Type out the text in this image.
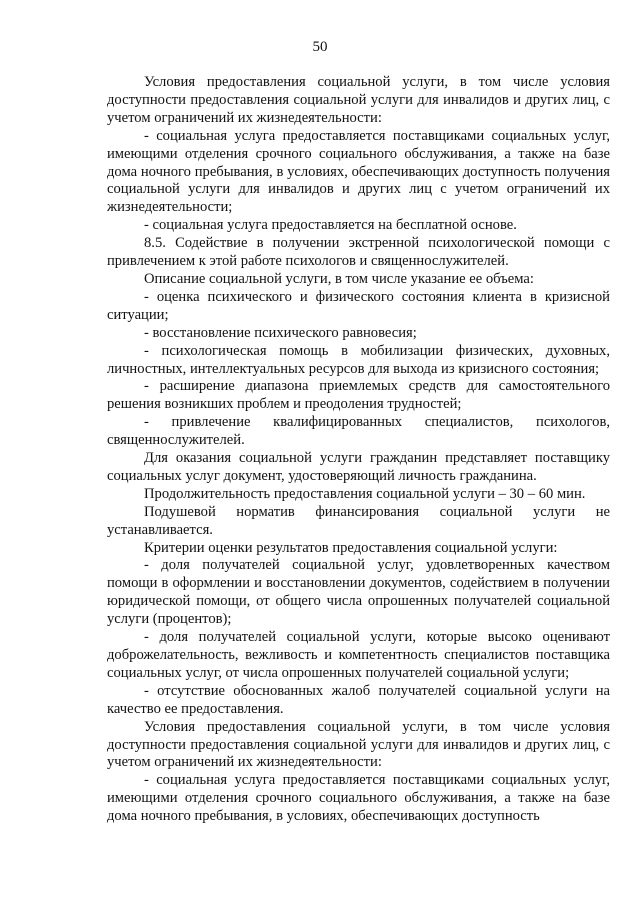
50

Условия предоставления социальной услуги, в том числе условия доступности предоставления социальной услуги для инвалидов и других лиц, с учетом ограничений их жизнедеятельности:

- социальная услуга предоставляется поставщиками социальных услуг, имеющими отделения срочного социального обслуживания, а также на базе дома ночного пребывания, в условиях, обеспечивающих доступность получения социальной услуги для инвалидов и других лиц с учетом ограничений их жизнедеятельности;

- социальная услуга предоставляется на бесплатной основе.

8.5. Содействие в получении экстренной психологической помощи с привлечением к этой работе психологов и священнослужителей.

Описание социальной услуги, в том числе указание ее объема:

- оценка психического и физического состояния клиента в кризисной ситуации;

- восстановление психического равновесия;

- психологическая помощь в мобилизации физических, духовных, личностных, интеллектуальных ресурсов для выхода из кризисного состояния;

- расширение диапазона приемлемых средств для самостоятельного решения возникших проблем и преодоления трудностей;

- привлечение квалифицированных специалистов, психологов, священнослужителей.

Для оказания социальной услуги гражданин представляет поставщику социальных услуг документ, удостоверяющий личность гражданина.

Продолжительность предоставления социальной услуги – 30 – 60 мин.

Подушевой норматив финансирования социальной услуги не устанавливается.

Критерии оценки результатов предоставления социальной услуги:

- доля получателей социальной услуг, удовлетворенных качеством помощи в оформлении и восстановлении документов, содействием в получении юридической помощи, от общего числа опрошенных получателей социальной услуги (процентов);

- доля получателей социальной услуги, которые высоко оценивают доброжелательность, вежливость и компетентность специалистов поставщика социальных услуг, от числа опрошенных получателей социальной услуги;

- отсутствие обоснованных жалоб получателей социальной услуги на качество ее предоставления.

Условия предоставления социальной услуги, в том числе условия доступности предоставления социальной услуги для инвалидов и других лиц, с учетом ограничений их жизнедеятельности:

- социальная услуга предоставляется поставщиками социальных услуг, имеющими отделения срочного социального обслуживания, а также на базе дома ночного пребывания, в условиях, обеспечивающих доступность
